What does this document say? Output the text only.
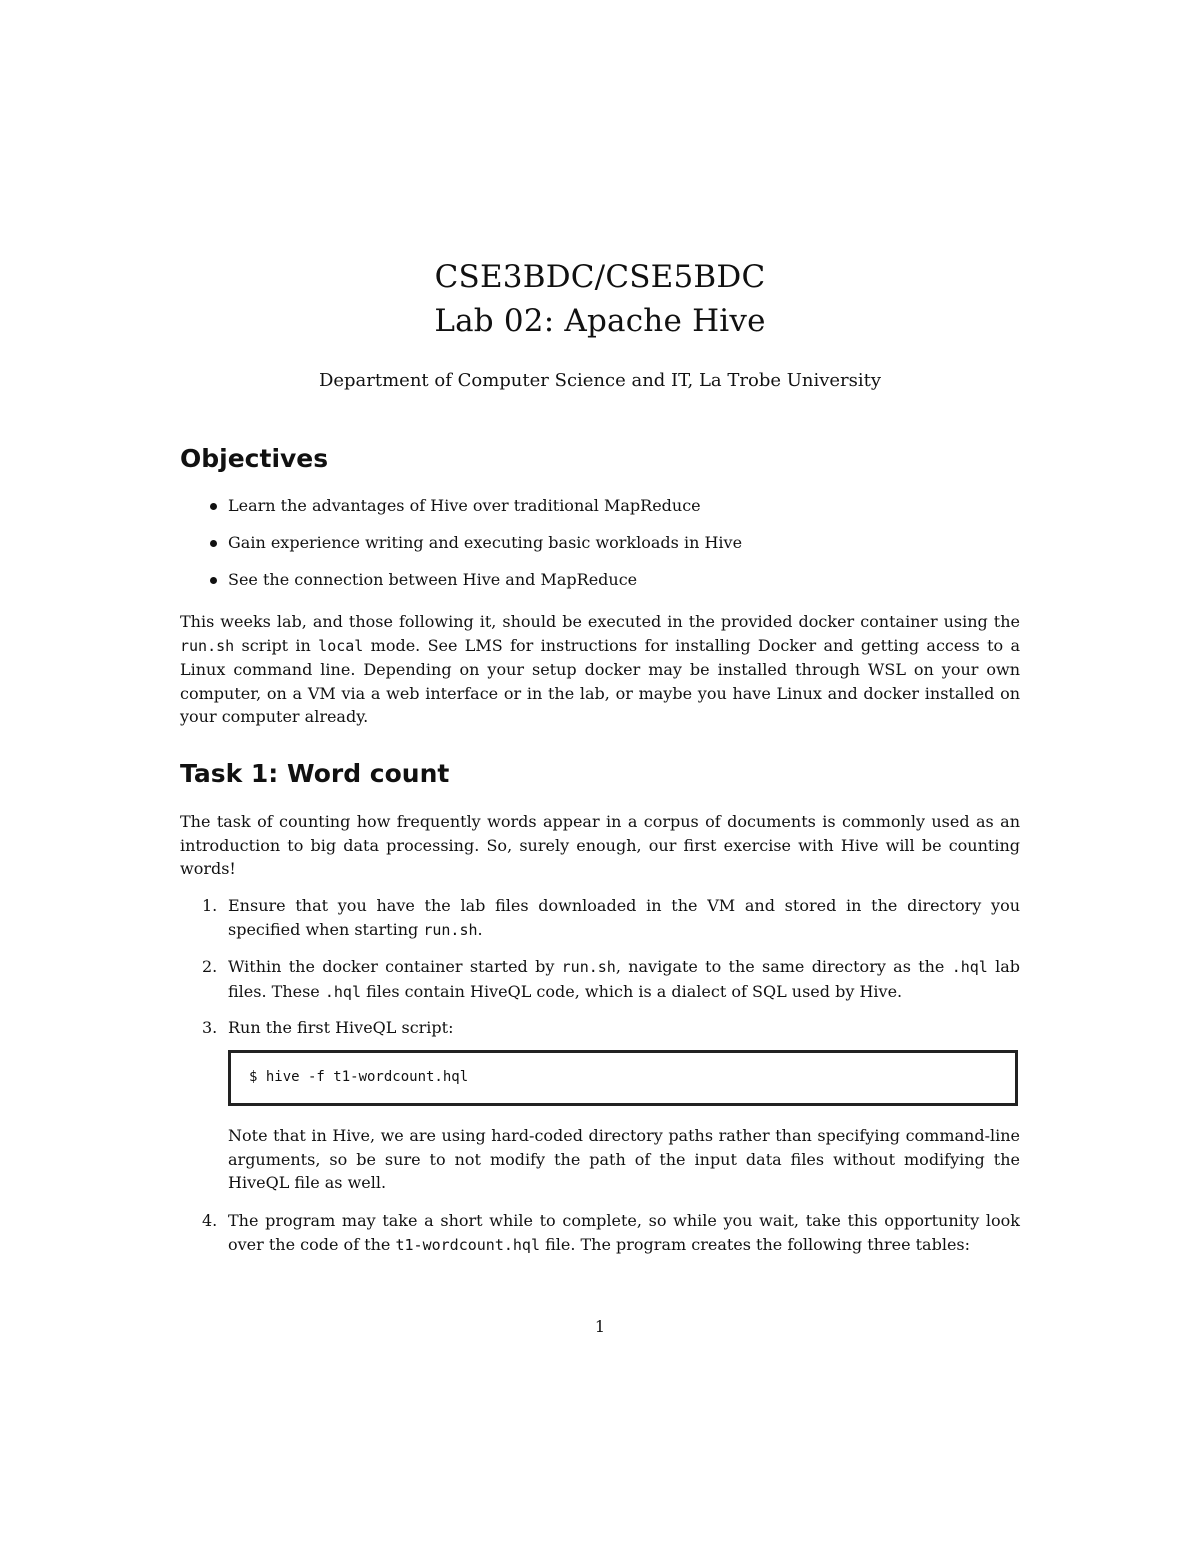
CSE3BDC/CSE5BDC
Lab 02: Apache Hive
Department of Computer Science and IT, La Trobe University
Objectives
Learn the advantages of Hive over traditional MapReduce
Gain experience writing and executing basic workloads in Hive
See the connection between Hive and MapReduce
This weeks lab, and those following it, should be executed in the provided docker container using the run.sh script in local mode. See LMS for instructions for installing Docker and getting access to a Linux command line. Depending on your setup docker may be installed through WSL on your own computer, on a VM via a web interface or in the lab, or maybe you have Linux and docker installed on your computer already.
Task 1: Word count
The task of counting how frequently words appear in a corpus of documents is commonly used as an introduction to big data processing. So, surely enough, our first exercise with Hive will be counting words!
1. Ensure that you have the lab files downloaded in the VM and stored in the directory you specified when starting run.sh.
2. Within the docker container started by run.sh, navigate to the same directory as the .hql lab files. These .hql files contain HiveQL code, which is a dialect of SQL used by Hive.
3. Run the first HiveQL script:
$ hive -f t1-wordcount.hql
Note that in Hive, we are using hard-coded directory paths rather than specifying command-line arguments, so be sure to not modify the path of the input data files without modifying the HiveQL file as well.
4. The program may take a short while to complete, so while you wait, take this opportunity look over the code of the t1-wordcount.hql file. The program creates the following three tables:
1
